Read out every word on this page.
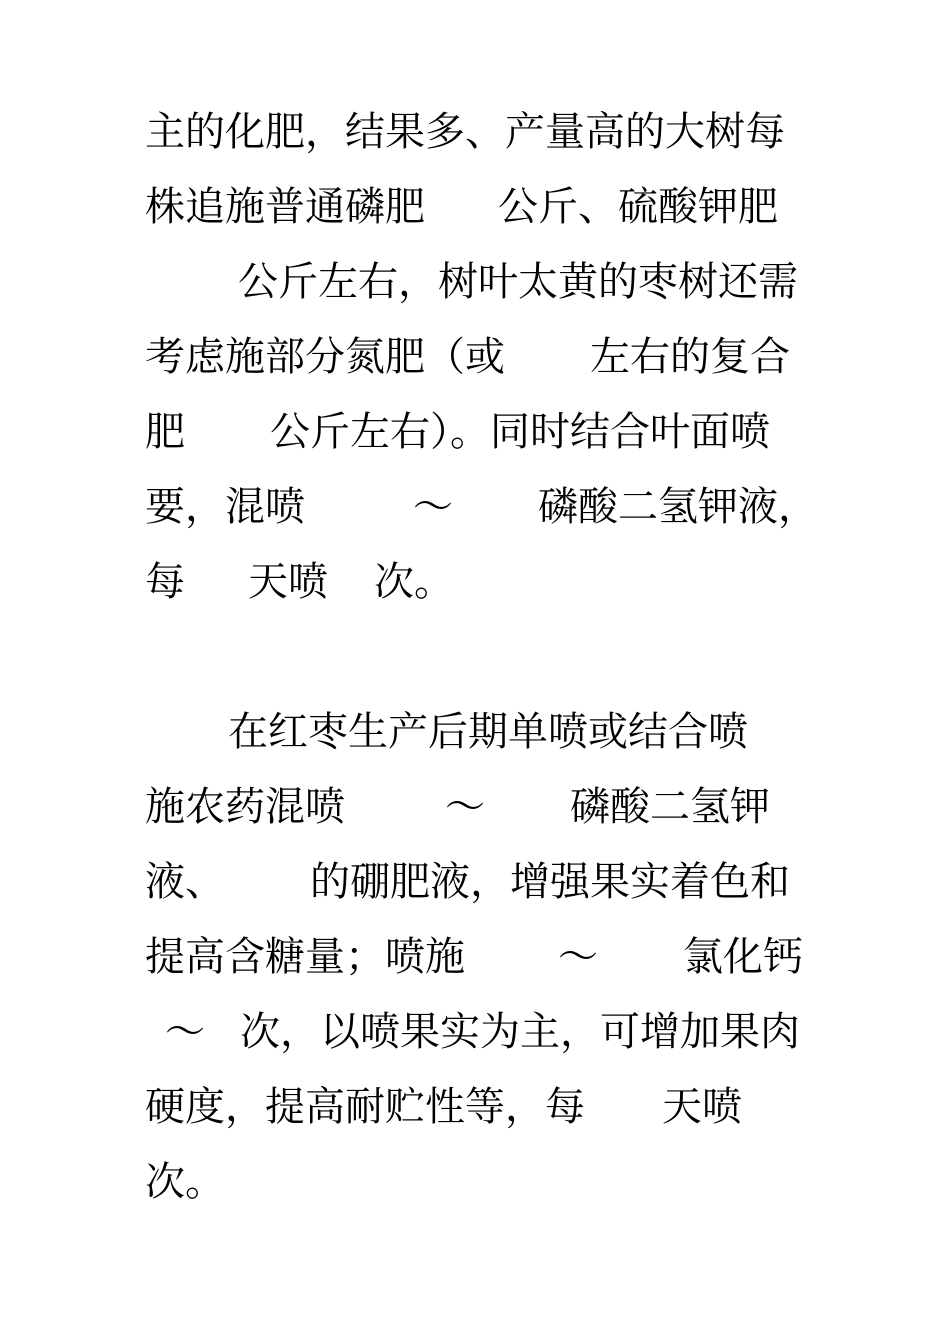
主的化肥，结果多、产量高的大树每

株追施普通磷肥

公斤、硫酸钾肥

公斤左右，树叶太黄的枣树还需

考虑施部分氮肥（或

左右的复合

肥

公斤左右）。同时结合叶面喷

要，混喷

	～

磷酸二氢钾液，

每

天喷

次。

在红枣生产后期单喷或结合喷

施农药混喷

	～

磷酸二氢钾

液、

的硼肥液，增强果实着色和

提高含糖量；喷施

～

氯化钙

～

次，以喷果实为主，可增加果肉

硬度，提高耐贮性等，每

天喷

次。
